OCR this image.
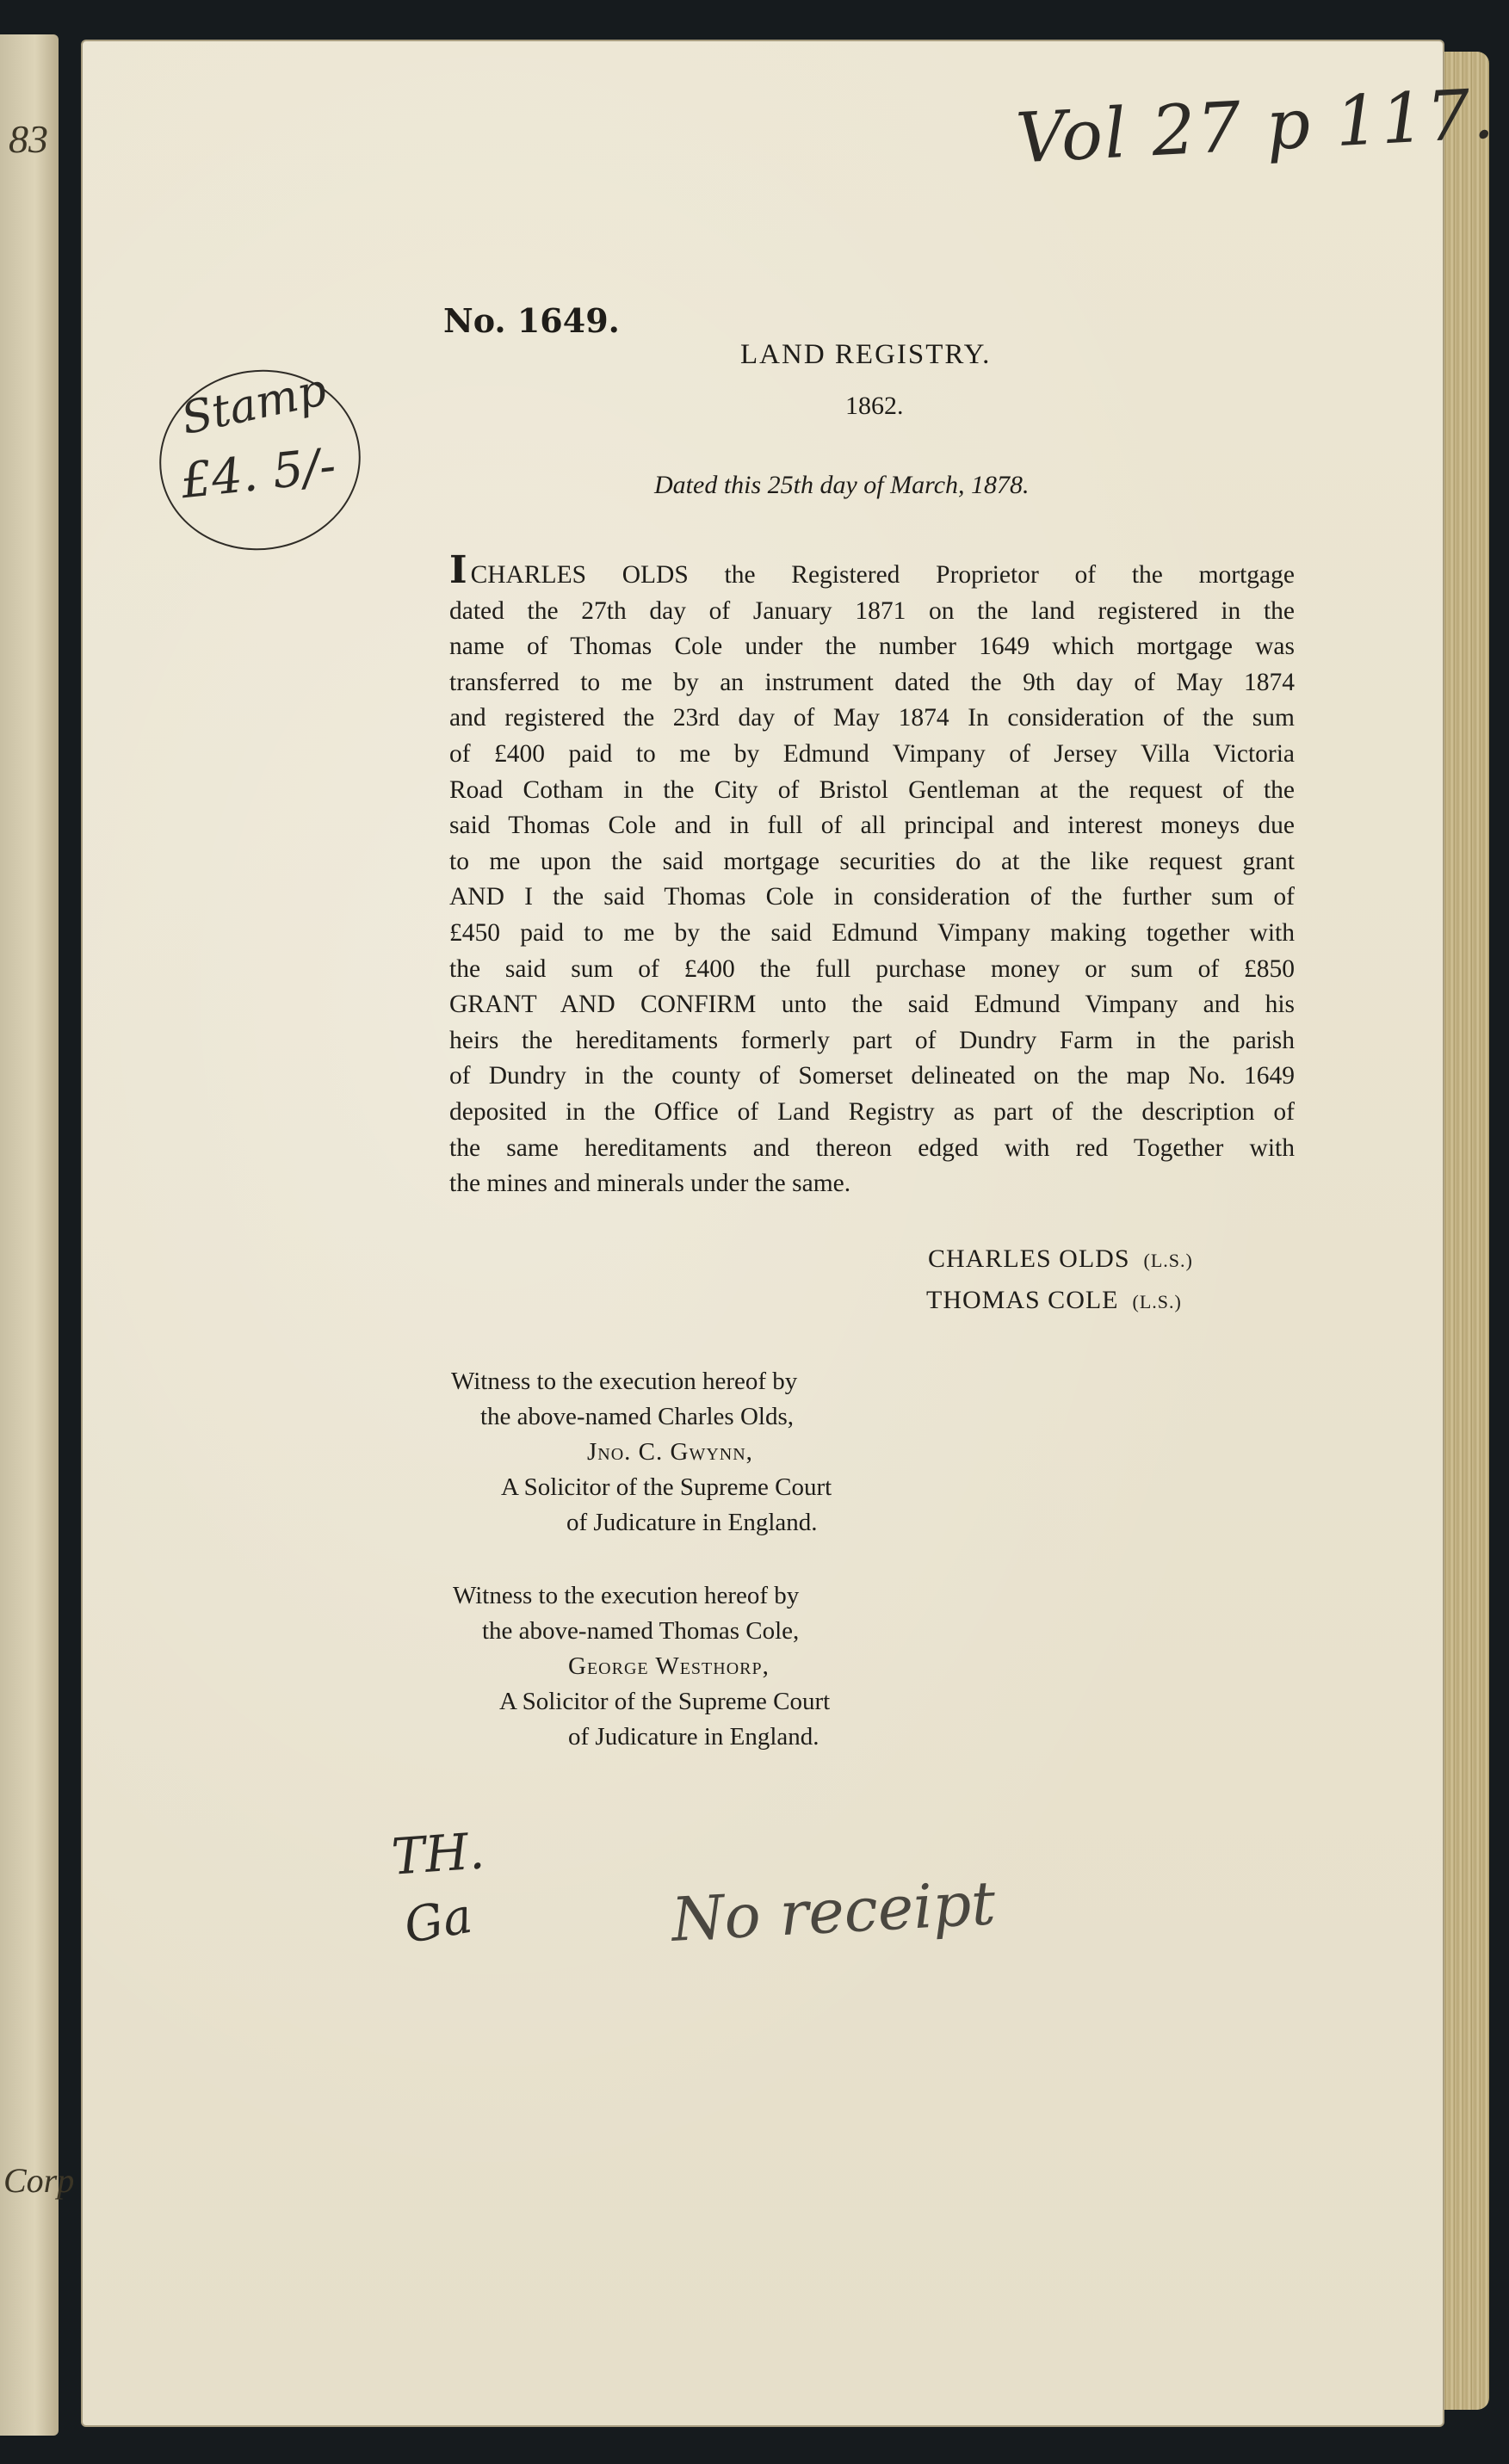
83
Corp
Vol 27 p 117.
Stamp
£4. 5/-
No. 1649.
LAND REGISTRY.
1862.
Dated this 25th day of March, 1878.
I CHARLES OLDS the Registered Proprietor of the mortgage
dated the 27th day of January 1871 on the land registered in the
name of Thomas Cole under the number 1649 which mortgage was
transferred to me by an instrument dated the 9th day of May 1874
and registered the 23rd day of May 1874 In consideration of the sum
of £400 paid to me by Edmund Vimpany of Jersey Villa Victoria
Road Cotham in the City of Bristol Gentleman at the request of the
said Thomas Cole and in full of all principal and interest moneys due
to me upon the said mortgage securities do at the like request grant
AND I the said Thomas Cole in consideration of the further sum of
£450 paid to me by the said Edmund Vimpany making together with
the said sum of £400 the full purchase money or sum of £850
GRANT AND CONFIRM unto the said Edmund Vimpany and his
heirs the hereditaments formerly part of Dundry Farm in the parish
of Dundry in the county of Somerset delineated on the map No. 1649
deposited in the Office of Land Registry as part of the description of
the same hereditaments and thereon edged with red Together with
the mines and minerals under the same.
CHARLES OLDS (L.S.)
THOMAS COLE (L.S.)
Witness to the execution hereof by
the above-named Charles Olds,
Jno. C. Gwynn,
A Solicitor of the Supreme Court
of Judicature in England.
Witness to the execution hereof by
the above-named Thomas Cole,
George Westhorp,
A Solicitor of the Supreme Court
of Judicature in England.
TH.
Ga	No receipt
